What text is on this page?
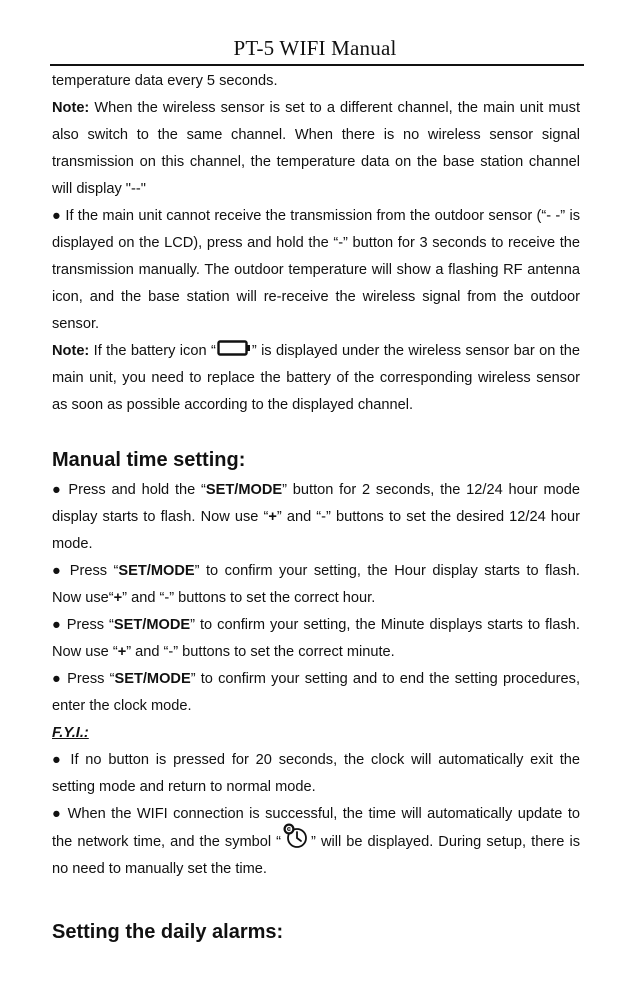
PT-5 WIFI Manual

temperature data every 5 seconds.

Note: When the wireless sensor is set to a different channel, the main unit must also switch to the same channel. When there is no wireless sensor signal transmission on this channel, the temperature data on the base station channel will display "--"

● If the main unit cannot receive the transmission from the outdoor sensor (“- -” is displayed on the LCD), press and hold the “-” button for 3 seconds to receive the transmission manually. The outdoor temperature will show a flashing RF antenna icon, and the base station will re-receive the wireless signal from the outdoor sensor.

Note: If the battery icon “ ” is displayed under the wireless sensor bar on the main unit, you need to replace the battery of the corresponding wireless sensor as soon as possible according to the displayed channel.

Manual time setting:

● Press and hold the “SET/MODE” button for 2 seconds, the 12/24 hour mode display starts to flash. Now use “+” and “-” buttons to set the desired 12/24 hour mode.

● Press “SET/MODE” to confirm your setting, the Hour display starts to flash. Now use“+” and “-” buttons to set the correct hour.

● Press “SET/MODE” to confirm your setting, the Minute displays starts to flash. Now use “+” and “-” buttons to set the correct minute.

● Press “SET/MODE” to confirm your setting and to end the setting procedures, enter the clock mode.

F.Y.I.:

● If no button is pressed for 20 seconds, the clock will automatically exit the setting mode and return to normal mode.

● When the WIFI connection is successful, the time will automatically update to the network time, and the symbol “ ” will be displayed. During setup, there is no need to manually set the time.

Setting the daily alarms:
